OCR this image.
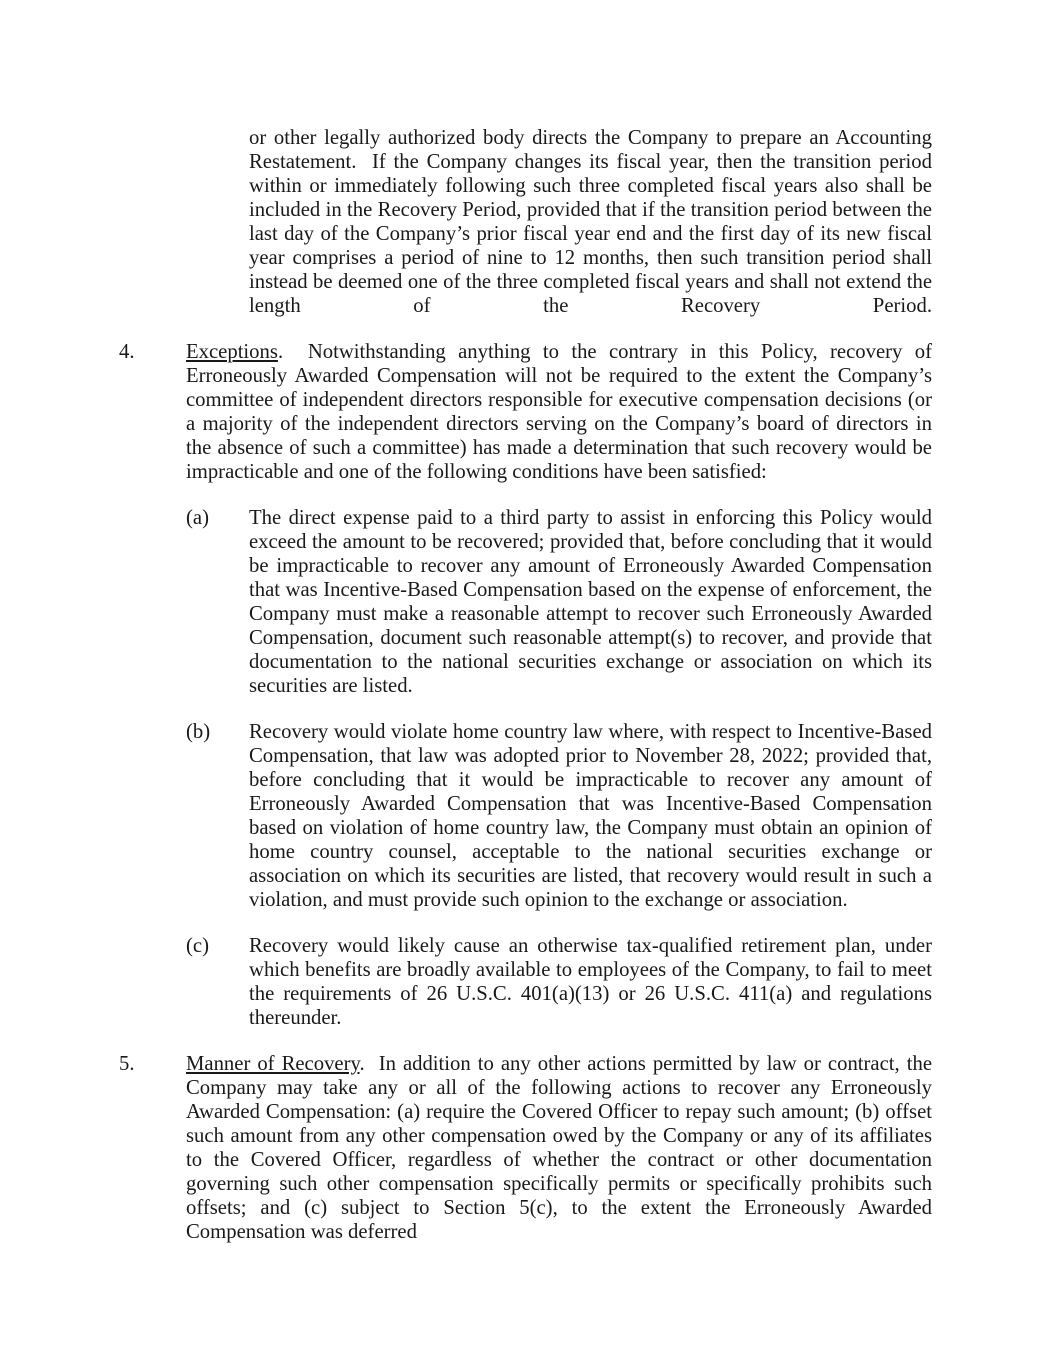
or other legally authorized body directs the Company to prepare an Accounting Restatement.  If the Company changes its fiscal year, then the transition period within or immediately following such three completed fiscal years also shall be included in the Recovery Period, provided that if the transition period between the last day of the Company’s prior fiscal year end and the first day of its new fiscal year comprises a period of nine to 12 months, then such transition period shall instead be deemed one of the three completed fiscal years and shall not extend the length of the Recovery Period.

4. Exceptions.  Notwithstanding anything to the contrary in this Policy, recovery of Erroneously Awarded Compensation will not be required to the extent the Company’s committee of independent directors responsible for executive compensation decisions (or a majority of the independent directors serving on the Company’s board of directors in the absence of such a committee) has made a determination that such recovery would be impracticable and one of the following conditions have been satisfied:

(a) The direct expense paid to a third party to assist in enforcing this Policy would exceed the amount to be recovered; provided that, before concluding that it would be impracticable to recover any amount of Erroneously Awarded Compensation that was Incentive-Based Compensation based on the expense of enforcement, the Company must make a reasonable attempt to recover such Erroneously Awarded Compensation, document such reasonable attempt(s) to recover, and provide that documentation to the national securities exchange or association on which its securities are listed.

(b) Recovery would violate home country law where, with respect to Incentive-Based Compensation, that law was adopted prior to November 28, 2022; provided that, before concluding that it would be impracticable to recover any amount of Erroneously Awarded Compensation that was Incentive-Based Compensation based on violation of home country law, the Company must obtain an opinion of home country counsel, acceptable to the national securities exchange or association on which its securities are listed, that recovery would result in such a violation, and must provide such opinion to the exchange or association.

(c) Recovery would likely cause an otherwise tax-qualified retirement plan, under which benefits are broadly available to employees of the Company, to fail to meet the requirements of 26 U.S.C. 401(a)(13) or 26 U.S.C. 411(a) and regulations thereunder.

5. Manner of Recovery.  In addition to any other actions permitted by law or contract, the Company may take any or all of the following actions to recover any Erroneously Awarded Compensation: (a) require the Covered Officer to repay such amount; (b) offset such amount from any other compensation owed by the Company or any of its affiliates to the Covered Officer, regardless of whether the contract or other documentation governing such other compensation specifically permits or specifically prohibits such offsets; and (c) subject to Section 5(c), to the extent the Erroneously Awarded Compensation was deferred
